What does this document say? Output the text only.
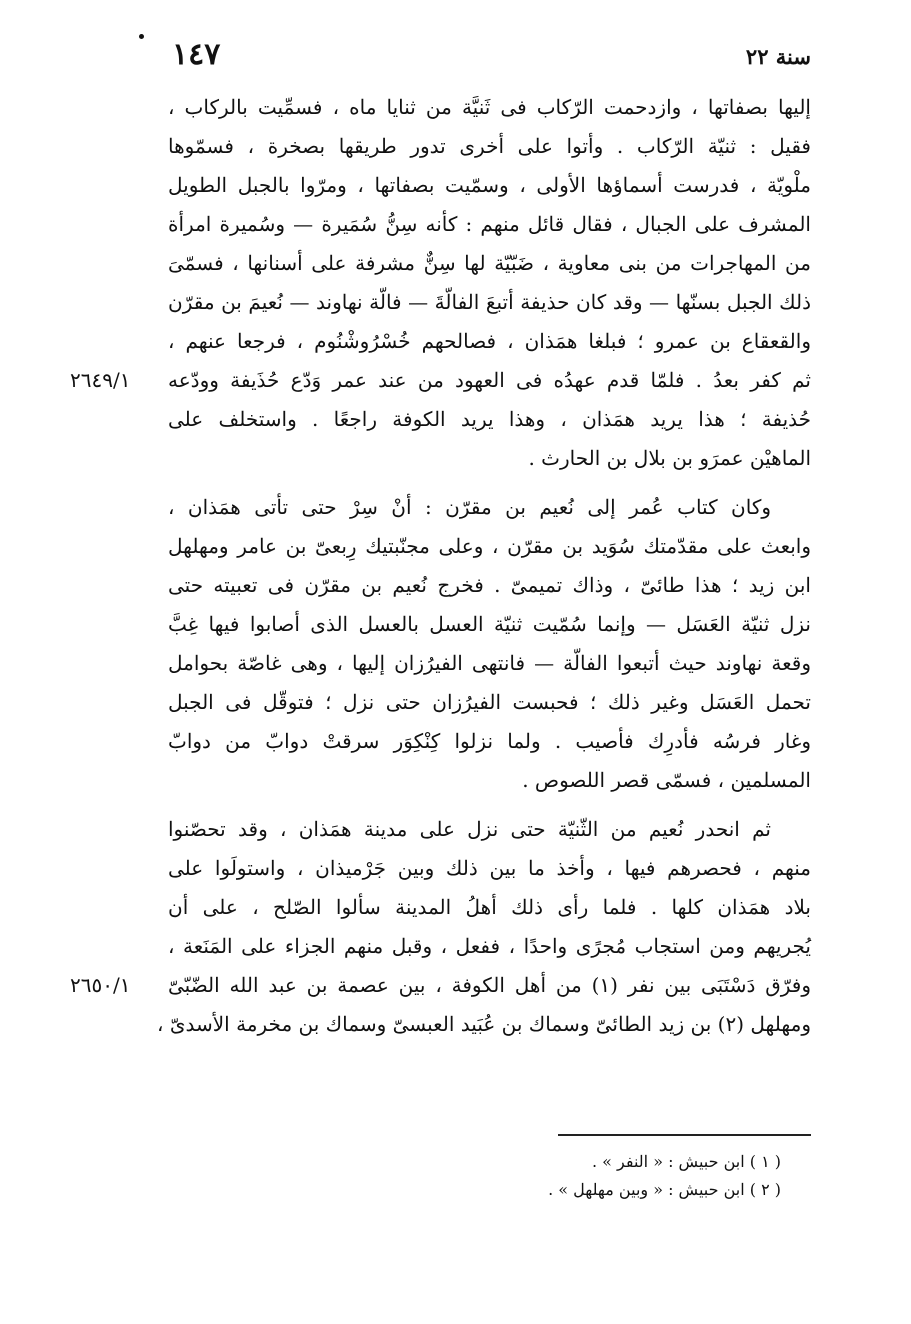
١٤٧	سنة ٢٢
إليها بصفاتها ، وازدحمت الرّكاب فى ثَنيَّة من ثنايا ماه ، فسمِّيت بالركاب ،
فقيل : ثنيّة الرّكاب . وأتوا على أخرى تدور طريقها بصخرة ، فسمّوها
ملْويّة ، فدرست أسماؤها الأولى ، وسمّيت بصفاتها ، ومرّوا بالجبل الطويل
المشرف على الجبال ، فقال قائل منهم : كأنه سِنُّ سُمَيرة — وسُميرة امرأة
من المهاجرات من بنى معاوية ، ضَبّيّة لها سِنٌّ مشرفة على أسنانها ، فسمّىَ
ذلك الجبل بسنّها — وقد كان حذيفة أتبعَ الفالّةَ — فالّة نهاوند — نُعيمَ بن مقرّن
والقعقاع بن عمرو ؛ فبلغا همَذان ، فصالحهم خُسْرُوشْنُوم ، فرجعا عنهم ،
ثم كفر بعدُ . فلمّا قدم عهدُه فى العهود من عند عمر وَدّع حُذَيفة وودّعه
٢٦٤٩/١
حُذيفة ؛ هذا يريد همَذان ، وهذا يريد الكوفة راجعًا . واستخلف على
الماهيْن عمرَو بن بلال بن الحارث .
وكان كتاب عُمر إلى نُعيم بن مقرّن : أنْ سِرْ حتى تأتى همَذان ،
وابعث على مقدّمتك سُوَيد بن مقرّن ، وعلى مجنّبتيك رِبعىّ بن عامر ومهلهل
ابن زيد ؛ هذا طائىّ ، وذاك تميمىّ . فخرج نُعيم بن مقرّن فى تعبيته حتى
نزل ثنيّة العَسَل — وإنما سُمّيت ثنيّة العسل بالعسل الذى أصابوا فيها غِبَّ
وقعة نهاوند حيث أتبعوا الفالّة — فانتهى الفيرُزان إليها ، وهى غاصّة بحوامل
تحمل العَسَل وغير ذلك ؛ فحبست الفيرُزان حتى نزل ؛ فتوقّل فى الجبل
وغار فرسُه فأدرِك فأصيب . ولما نزلوا كِنْكِوَر سرقتْ دوابّ من دوابّ
المسلمين ، فسمّى قصر اللصوص .
ثم انحدر نُعيم من الثّنيّة حتى نزل على مدينة همَذان ، وقد تحصّنوا
منهم ، فحصرهم فيها ، وأخذ ما بين ذلك وبين جَرْميذان ، واستولَوا على
بلاد همَذان كلها . فلما رأى ذلك أهلُ المدينة سألوا الصّلح ، على أن
يُجريهم ومن استجاب مُجرًى واحدًا ، ففعل ، وقبل منهم الجزاء على المَنَعة ،
وفرّق دَسْتَبَى بين نفر (١) من أهل الكوفة ، بين عصمة بن عبد الله الضّبّىّ
٢٦٥٠/١
ومهلهل (٢) بن زيد الطائىّ وسماك بن عُبَيد العبسىّ وسماك بن مخرمة الأسدىّ ،
( ١ ) ابن حبيش : « النفر » .
( ٢ ) ابن حبيش : « وبين مهلهل » .
